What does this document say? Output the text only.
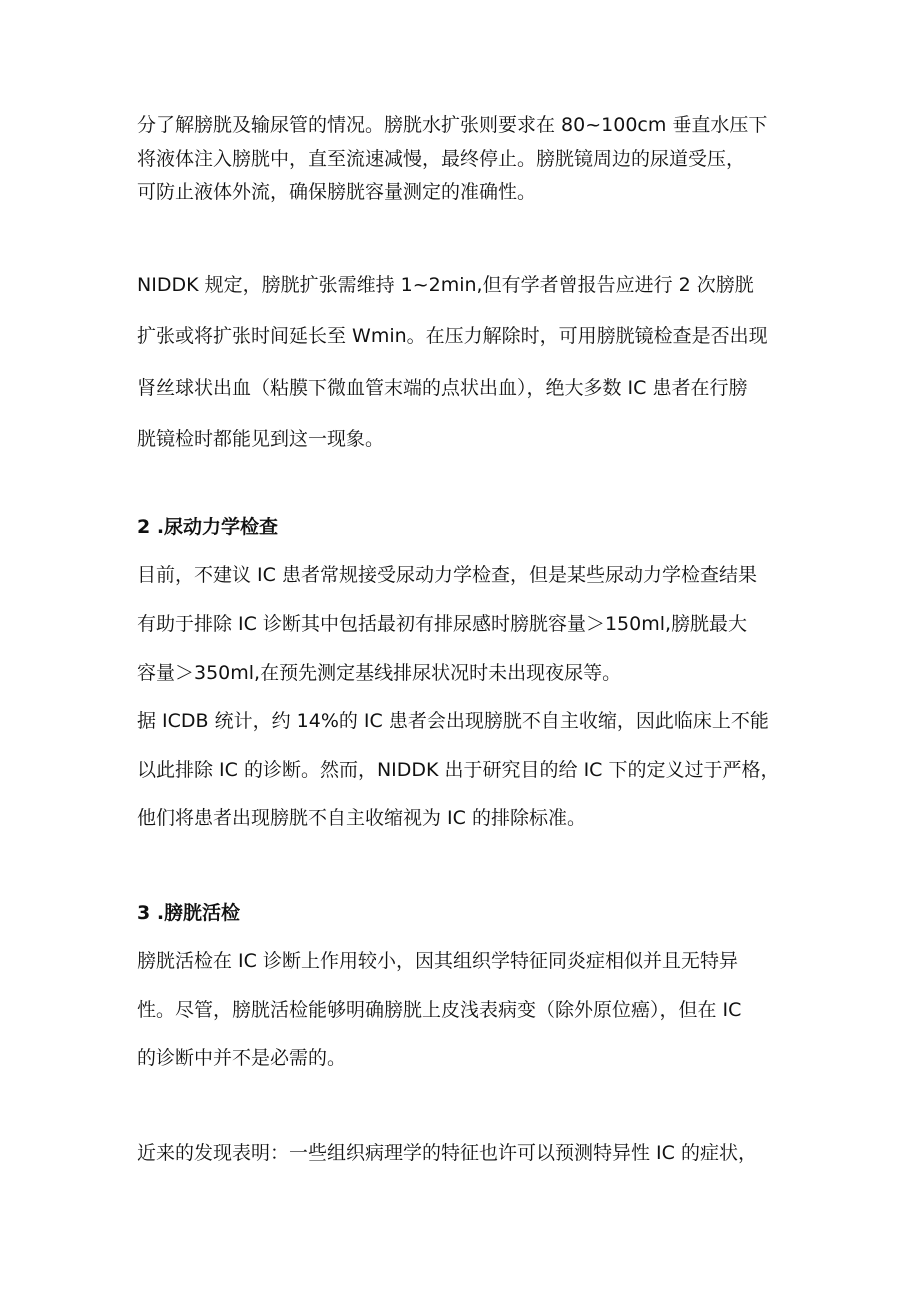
分了解膀胱及输尿管的情况。膀胱水扩张则要求在 80~100cm 垂直水压下
将液体注入膀胱中，直至流速减慢，最终停止。膀胱镜周边的尿道受压，
可防止液体外流，确保膀胱容量测定的准确性。
NIDDK 规定，膀胱扩张需维持 1~2min,但有学者曾报告应进行 2 次膀胱
扩张或将扩张时间延长至 Wmin。在压力解除时，可用膀胱镜检查是否出现
肾丝球状出血（粘膜下微血管末端的点状出血），绝大多数 IC 患者在行膀
胱镜检时都能见到这一现象。
2 .尿动力学检查
目前，不建议 IC 患者常规接受尿动力学检查，但是某些尿动力学检查结果
有助于排除 IC 诊断其中包括最初有排尿感时膀胱容量＞150ml,膀胱最大
容量＞350ml,在预先测定基线排尿状况时未出现夜尿等。
据 ICDB 统计，约 14%的 IC 患者会出现膀胱不自主收缩，因此临床上不能
以此排除 IC 的诊断。然而，NIDDK 出于研究目的给 IC 下的定义过于严格，
他们将患者出现膀胱不自主收缩视为 IC 的排除标准。
3 .膀胱活检
膀胱活检在 IC 诊断上作用较小，因其组织学特征同炎症相似并且无特异
性。尽管，膀胱活检能够明确膀胱上皮浅表病变（除外原位癌），但在 IC
的诊断中并不是必需的。
近来的发现表明：一些组织病理学的特征也许可以预测特异性 IC 的症状，
